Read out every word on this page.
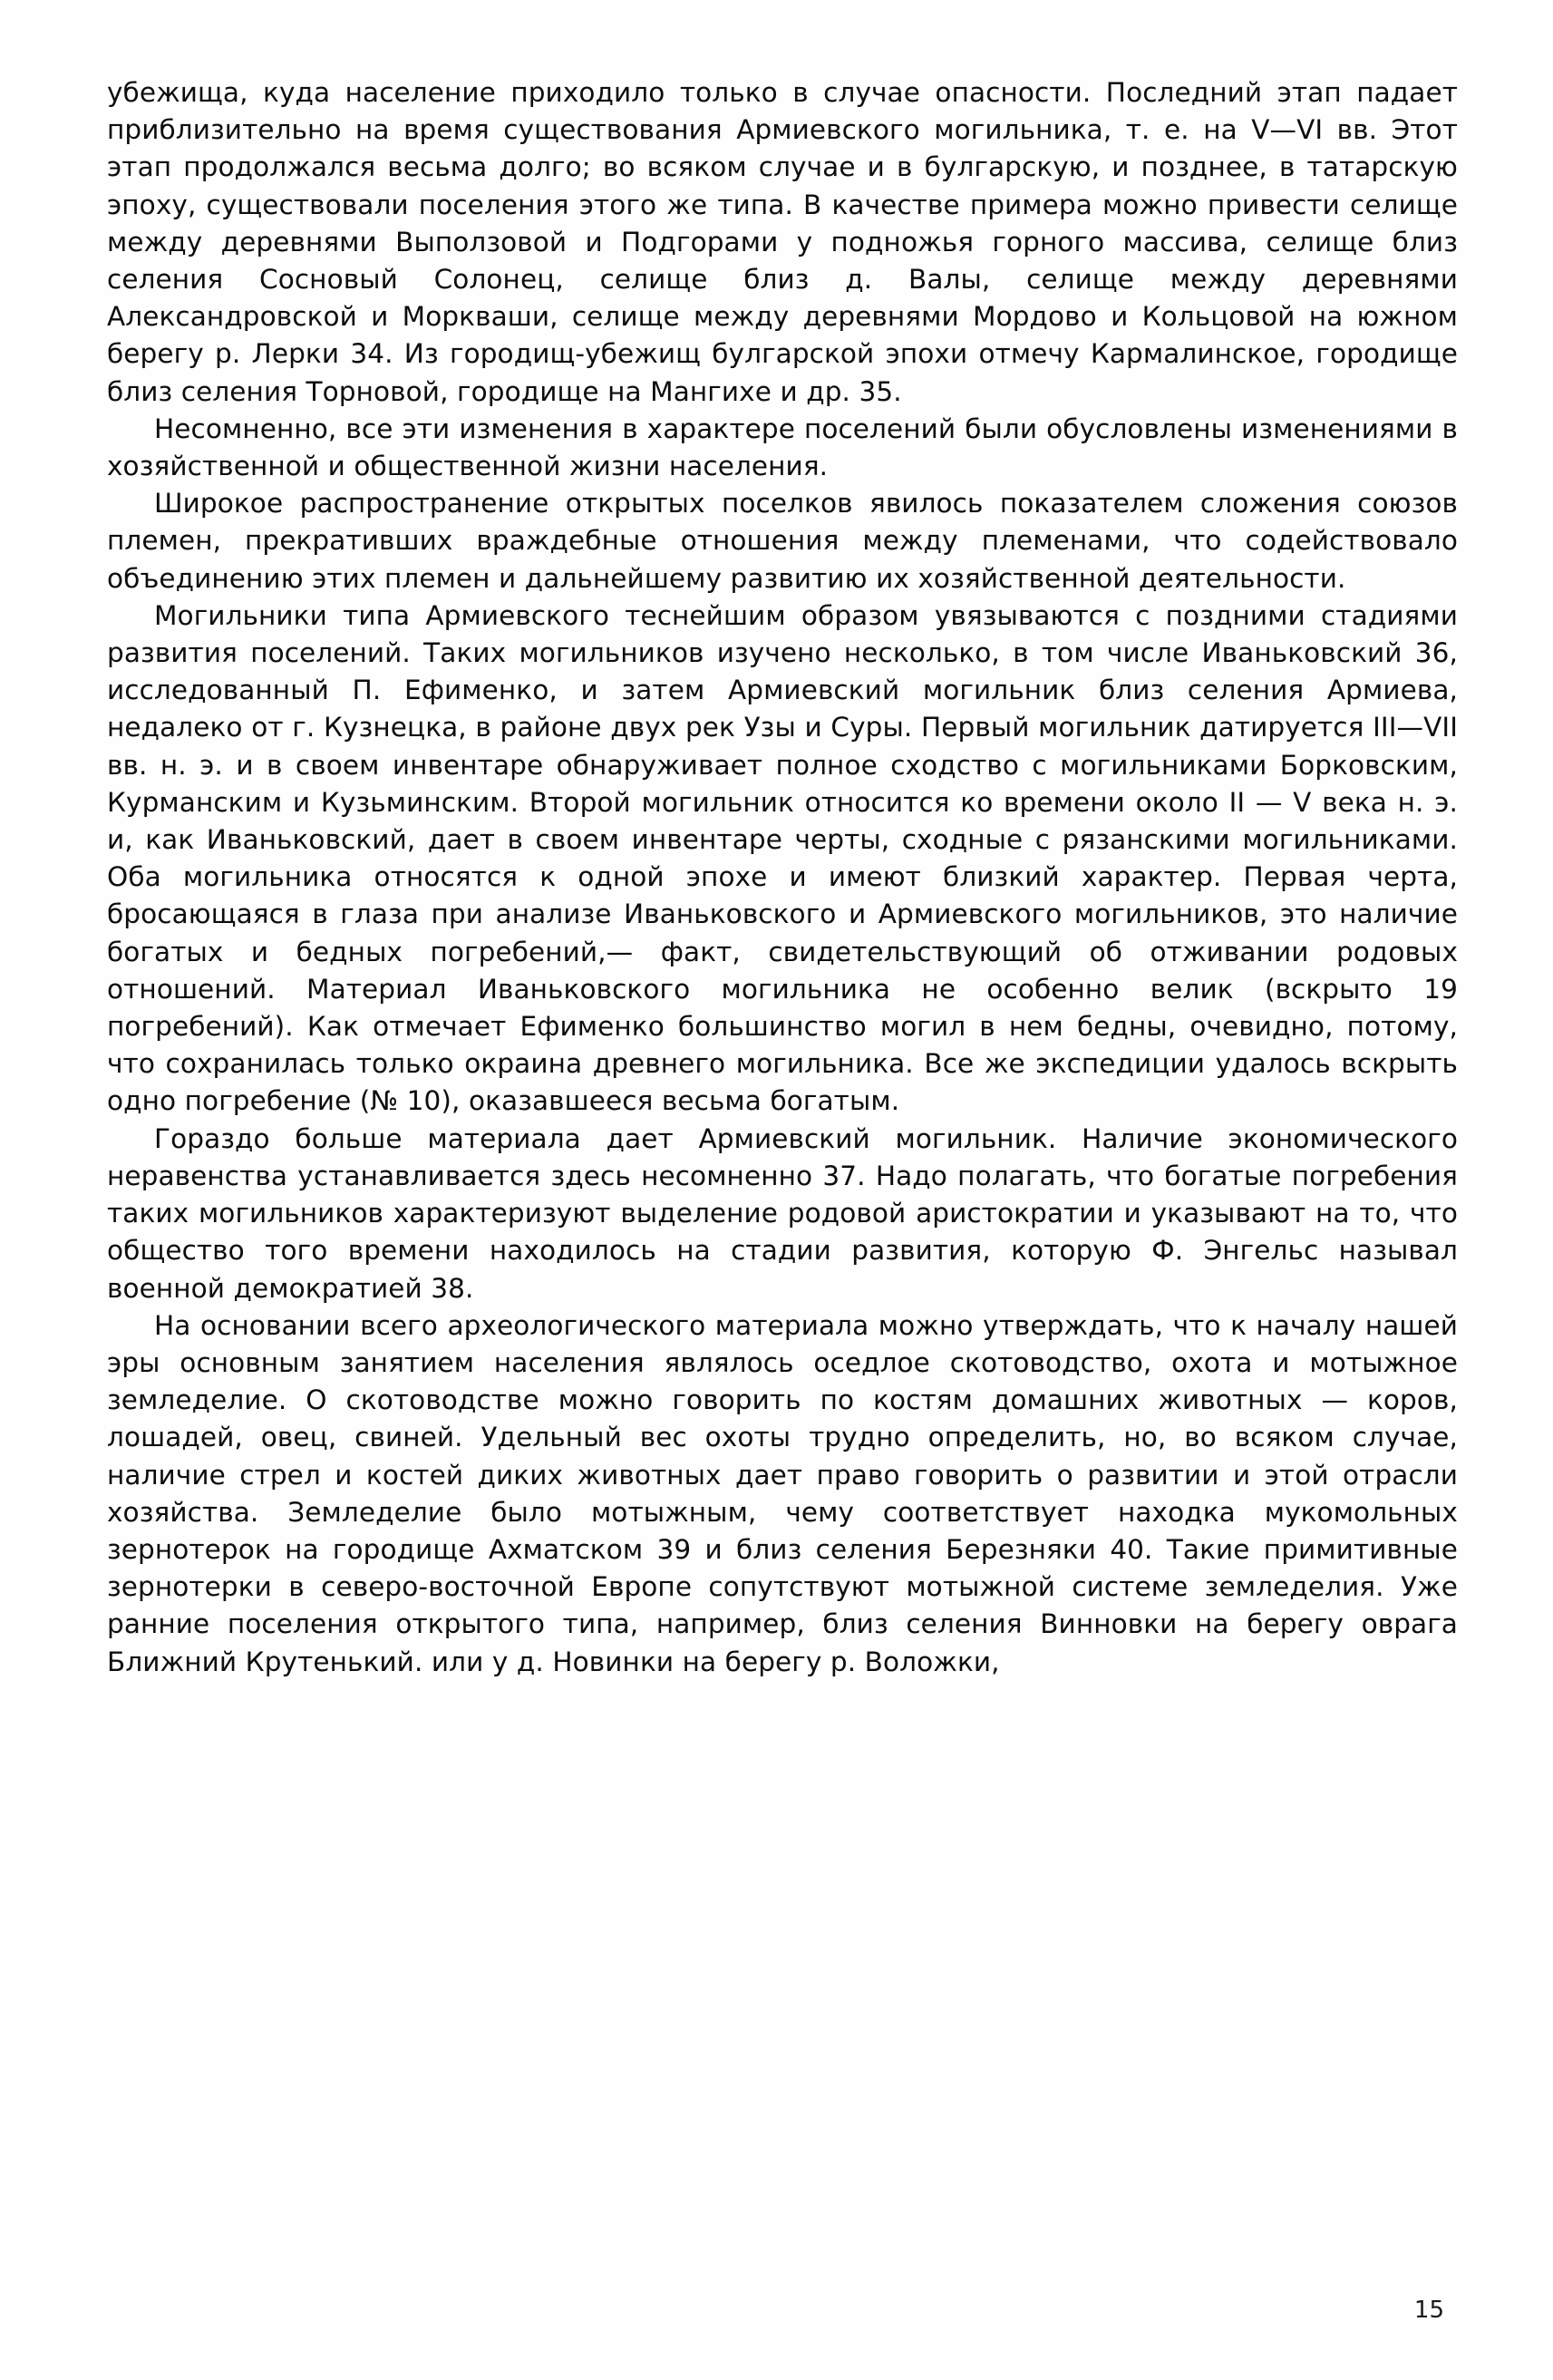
убежища, куда население приходило только в случае опасности. Последний этап падает приблизительно на время существования Армиевского могильника, т. е. на V—VI вв. Этот этап продолжался весьма долго; во всяком случае и в булгарскую, и позднее, в татарскую эпоху, существовали поселения этого же типа. В качестве примера можно привести селище между деревнями Выползовой и Подгорами у подножья горного массива, селище близ селения Сосновый Солонец, селище близ д. Валы, селище между деревнями Александровской и Моркваши, селище между деревнями Мордово и Кольцовой на южном берегу р. Лерки 34. Из городищ-убежищ булгарской эпохи отмечу Кармалинское, городище близ селения Торновой, городище на Мангихе и др. 35.

Несомненно, все эти изменения в характере поселений были обусловлены изменениями в хозяйственной и общественной жизни населения.

Широкое распространение открытых поселков явилось показателем сложения союзов племен, прекративших враждебные отношения между племенами, что содействовало объединению этих племен и дальнейшему развитию их хозяйственной деятельности.

Могильники типа Армиевского теснейшим образом увязываются с поздними стадиями развития поселений. Таких могильников изучено несколько, в том числе Иваньковский 36, исследованный П. Ефименко, и затем Армиевский могильник близ селения Армиева, недалеко от г. Кузнецка, в районе двух рек Узы и Суры. Первый могильник датируется III—VII вв. н. э. и в своем инвентаре обнаруживает полное сходство с могильниками Борковским, Курманским и Кузьминским. Второй могильник относится ко времени около II — V века н. э. и, как Иваньковский, дает в своем инвентаре черты, сходные с рязанскими могильниками. Оба могильника относятся к одной эпохе и имеют близкий характер. Первая черта, бросающаяся в глаза при анализе Иваньковского и Армиевского могильников, это наличие богатых и бедных погребений,— факт, свидетельствующий об отживании родовых отношений. Материал Иваньковского могильника не особенно велик (вскрыто 19 погребений). Как отмечает Ефименко большинство могил в нем бедны, очевидно, потому, что сохранилась только окраина древнего могильника. Все же экспедиции удалось вскрыть одно погребение (№ 10), оказавшееся весьма богатым.

Гораздо больше материала дает Армиевский могильник. Наличие экономического неравенства устанавливается здесь несомненно 37. Надо полагать, что богатые погребения таких могильников характеризуют выделение родовой аристократии и указывают на то, что общество того времени находилось на стадии развития, которую Ф. Энгельс называл военной демократией 38.

На основании всего археологического материала можно утверждать, что к началу нашей эры основным занятием населения являлось оседлое скотоводство, охота и мотыжное земледелие. О скотоводстве можно говорить по костям домашних животных — коров, лошадей, овец, свиней. Удельный вес охоты трудно определить, но, во всяком случае, наличие стрел и костей диких животных дает право говорить о развитии и этой отрасли хозяйства. Земледелие было мотыжным, чему соответствует находка мукомольных зернотерок на городище Ахматском 39 и близ селения Березняки 40. Такие примитивные зернотерки в северо-восточной Европе сопутствуют мотыжной системе земледелия. Уже ранние поселения открытого типа, например, близ селения Винновки на берегу оврага Ближний Крутенький. или у д. Новинки на берегу р. Воложки,

15
